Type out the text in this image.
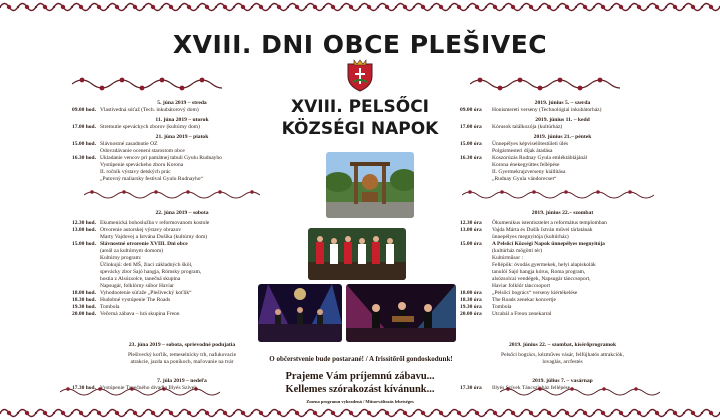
XVIII. DNI OBCE PLEŠIVEC
XVIII. PELSŐCI
KÖZSÉGI NAPOK
5. júna 2019 – streda
09.00 hod. Vlastivedná súťaž (Tech. inkubátorový dom)
11. júna 2019 – utorok
17.00 hod. Stretnutie speváckych zborov (kultúrny dom)
21. júna 2019 – piatok
15.00 hod. Slávnostné zasadnutie OZ
Odovzdávanie ocenení starostom obce
16.30 hod. Ukladanie vencov pri pamätnej tabuli Gyulu Rudnayho
Vystúpenie speváckeho zboru Korona
II. ročník výstavy detských prác
„Putovný maliarsky festival Gyulu Rudnayho“
22. júna 2019 – sobota
12.30 hod. Ekumenická bohoslužba v reformovanom kostole
13.00 hod. Otvorenie autorskej výstavy obrazov
Marty Vajdovej a Istvána Dušíka (kultúrny dom)
15.00 hod. Slávnostné otvorenie XVIII. Dni obce
(areál za kultúrnym domom)
Kultúrny program:
Účinkujú: deti MŠ, žiaci základných škôl,
spevácky zbor Sajó hangja, Rómsky program,
hostia z Alsózsolce, tanečná skupina
Napsugár, folklórny súbor Haviar
18.00 hod. Vyhodnotenie súťaže „Plešivecký koťlík“
18.30 hod. Hudobné vystúpenie The Roads
19.30 hod. Tombola
20.00 hod. Večerná zábava – hrá skupina Freon
23. júna 2019 – sobota, sprievodné podujatia
Plešivecký koťlík, remeselnícky trh, nafukovacie
atrakcie, jazda na poníkoch, maľovanie na tvár
7. júla 2019 – nedeľa
17.30 hod. Vystúpenie Tanečného divadla Illyés Szívek
2019. június 5. – szerda
09.00 óra	Honismereti verseny (Technológiai inkubátorház)
2019. június 11. – kedd
17.00 óra	Kórusok találkozója (kultúrház)
2019. június 21.– péntek
15.00 óra	Ünnepélyes képviselőtestületi ülés
Polgármesteri díjak átadása
16.30 óra	Koszorúzás Rudnay Gyula emléktáblájánál
Korona énekegyüttes fellépése
II. Gyermekrajzverseny kiállítása
„Rudnay Gyula vándorecset“
2019. június 22.– szombat
12.30 óra	Ökumenikus istentisztelet a református templomban
13.00 óra	Vajda Márta és Dušík István művei tárlatának
ünnepélyes megnyitója (kultúrház)
15.00 óra	A Pelsőci Községi Napok ünnepélyes megnyitója
(kultúrház mögötti tér)
Kultúrműsor :
Fellépők: óvodás gyermekek, helyi alapiskolák
tanulói Sajó hangja kórus, Roma program,
alsózsolcai vendégek, Napsugár tánccsoport,
Haviar folklór tánccsoport
18.00 óra	„Pelsőci bogrács“ verseny kiértékelése
18.30 óra	The Roads zenekar koncertje
19.30 óra	Tombola
20.00 óra	Utcabál a Freon zenekarral
2019. június 22. – szombat, kísérőprogramok
Pelsőci bogrács, kézműves vásár, felfújhatós attrakciók,
lovaglás, arcfestés
2019. július 7. – vasárnap
17.30 óra	Illyés Szívek Táncszínház fellépése
O občerstvenie bude postarané! / A frissítőről gondoskodunk!
Prajeme Vám príjemnú zábavu...
Kellemes szórakozást kívánunk...
Zmena programu vyhradená / Műsorváltozás lehetséges
